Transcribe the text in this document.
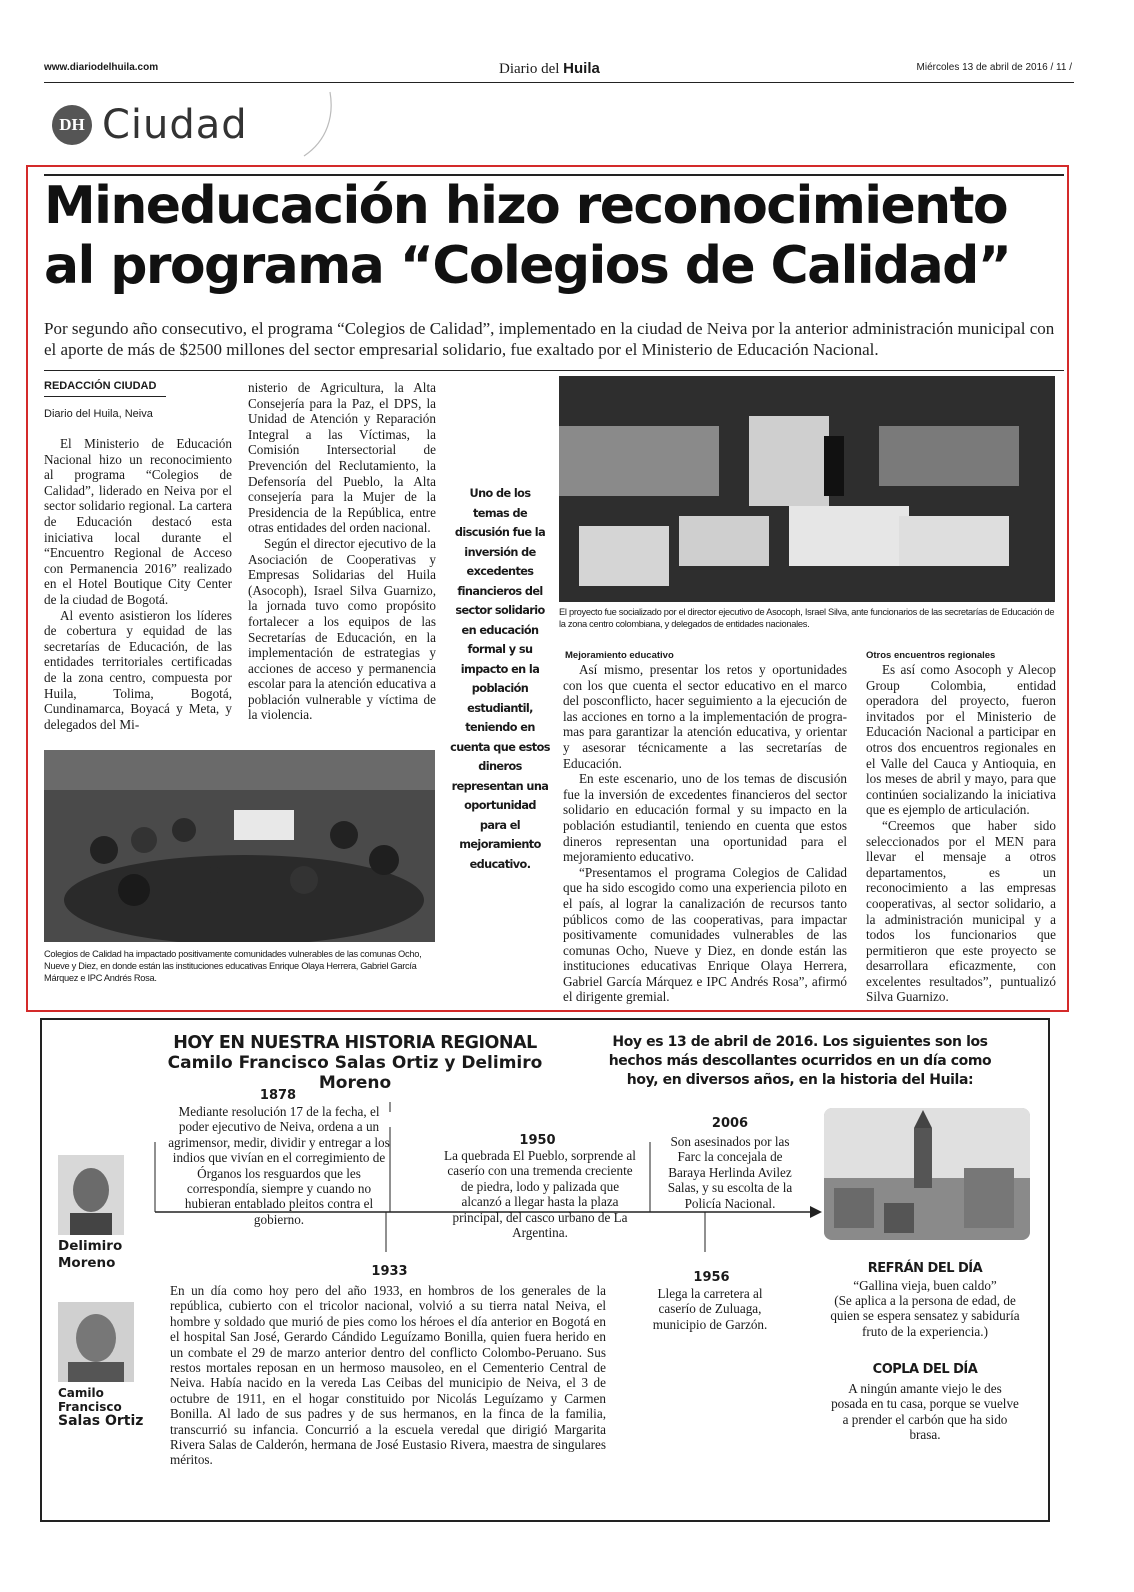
www.diariodelhuila.com	Diario del Huila	Miércoles 13 de abril de 2016 / 11 /
DH Ciudad
Mineducación hizo reconocimiento
al programa “Colegios de Calidad”
Por segundo año consecutivo, el programa “Colegios de Calidad”, implementado en la ciudad de Neiva por la anterior administración municipal con el aporte de más de $2500 millones del sector empresarial solidario, fue exaltado por el Ministerio de Educación Nacional.
REDACCIÓN CIUDAD
Diario del Huila, Neiva

El Ministerio de Educación Nacional hizo un reconocimiento al programa “Colegios de Calidad”, liderado en Neiva por el sector solidario regional. La cartera de Educación destacó esta iniciativa local durante el “Encuentro Regional de Acceso con Permanencia 2016” realizado en el Hotel Boutique City Center de la ciudad de Bogotá.

Al evento asistieron los líderes de cobertura y equidad de las secretarías de Educación, de las entidades territoriales certificadas de la zona centro, compuesta por Huila, Tolima, Bogotá, Cundinamarca, Boyacá y Meta, y delegados del Mi-

nisterio de Agricultura, la Alta Consejería para la Paz, el DPS, la Unidad de Atención y Reparación Integral a las Víctimas, la Comisión Intersectorial de Prevención del Reclutamiento, la Defensoría del Pueblo, la Alta consejería para la Mujer de la Presidencia de la República, entre otras entidades del orden nacional.

Según el director ejecutivo de la Asociación de Cooperativas y Empresas Solidarias del Huila (Asocoph), Israel Silva Guarnizo, la jornada tuvo como propósito fortalecer a los equipos de las Secretarías de Educación, en la implementación de estrategias y acciones de acceso y permanencia escolar para la atención educativa a población vulnerable y víctima de la violencia.

Colegios de Calidad ha impactado positivamente comunidades vulnerables de las comunas Ocho, Nueve y Diez, en donde están las instituciones educativas Enrique Olaya Herrera, Gabriel García Márquez e IPC Andrés Rosa.
Uno de los temas de discusión fue la inversión de excedentes financieros del sector solidario en educación formal y su impacto en la población estudiantil, teniendo en cuenta que estos dineros representan una oportunidad para el mejoramiento educativo.
El proyecto fue socializado por el director ejecutivo de Asocoph, Israel Silva, ante funcionarios de las secretarías de Educación de la zona centro colombiana, y delegados de entidades nacionales.
Mejoramiento educativo

Así mismo, presentar los retos y oportunidades con los que cuenta el sector educativo en el marco del posconflicto, hacer seguimiento a la ejecución de las acciones en torno a la implementación de progra-mas para garantizar la atención educativa, y orientar y asesorar técnicamente a las secretarías de Educación.

En este escenario, uno de los temas de discusión fue la inversión de excedentes financieros del sector solidario en educación formal y su impacto en la población estudiantil, teniendo en cuenta que estos dineros representan una oportunidad para el mejoramiento educativo.

“Presentamos el programa Colegios de Calidad que ha sido escogido como una experiencia piloto en el país, al lograr la canalización de recursos tanto públicos como de las cooperativas, para impactar positivamente comunidades vulnerables de las comunas Ocho, Nueve y Diez, en donde están las instituciones educativas Enrique Olaya Herrera, Gabriel García Márquez e IPC Andrés Rosa”, afirmó el dirigente gremial.

Otros encuentros regionales

Es así como Asocoph y Alecop Group Colombia, entidad operadora del proyecto, fueron invitados por el Ministerio de Educación Nacional a participar en otros dos encuentros regionales en el Valle del Cauca y Antioquia, en los meses de abril y mayo, para que continúen socializando la iniciativa que es ejemplo de articulación.

“Creemos que haber sido seleccionados por el MEN para llevar el mensaje a otros departamentos, es un reconocimiento a las empresas cooperativas, al sector solidario, a la administración municipal y a todos los funcionarios que permitieron que este proyecto se desarrollara eficazmente, con excelentes resultados”, puntualizó Silva Guarnizo.

HOY EN NUESTRA HISTORIA REGIONAL
Camilo Francisco Salas Ortiz y Delimiro Moreno
Hoy es 13 de abril de 2016. Los siguientes son los hechos más descollantes ocurridos en un día como hoy, en diversos años, en la historia del Huila:
1878
Mediante resolución 17 de la fecha, el poder ejecutivo de Neiva, ordena a un agrimensor, medir, dividir y entregar a los indios que vivían en el corregimiento de Órganos los resguardos que les correspondía, siempre y cuando no hubieran entablado pleitos contra el gobierno.
1950
La quebrada El Pueblo, sorprende al caserío con una tremenda creciente de piedra, lodo y palizada que alcanzó a llegar hasta la plaza principal, del casco urbano de La Argentina.
2006
Son asesinados por las Farc la concejala de Baraya Herlinda Avilez Salas, y su escolta de la Policía Nacional.
1933
En un día como hoy pero del año 1933, en hombros de los generales de la república, cubierto con el tricolor nacional, volvió a su tierra natal Neiva, el hombre y soldado que murió de pies como los héroes el día anterior en Bogotá en el hospital San José, Gerardo Cándido Leguízamo Bonilla, quien fuera herido en un combate el 29 de marzo anterior dentro del conflicto Colombo-Peruano. Sus restos mortales reposan en un hermoso mausoleo, en el Cementerio Central de Neiva. Había nacido en la vereda Las Ceibas del municipio de Neiva, el 3 de octubre de 1911, en el hogar constituido por Nicolás Leguízamo y Carmen Bonilla. Al lado de sus padres y de sus hermanos, en la finca de la familia, transcurrió su infancia. Concurrió a la escuela veredal que dirigió Margarita Rivera Salas de Calderón, hermana de José Eustasio Rivera, maestra de singulares méritos.
1956
Llega la carretera al caserío de Zuluaga, municipio de Garzón.
Delimiro
Moreno
Camilo
Francisco
Salas Ortiz
REFRÁN DEL DÍA
“Gallina vieja, buen caldo”
(Se aplica a la persona de edad, de quien se espera sensatez y sabiduría fruto de la experiencia.)
COPLA DEL DÍA
A ningún amante viejo le des posada en tu casa, porque se vuelve a prender el carbón que ha sido brasa.
